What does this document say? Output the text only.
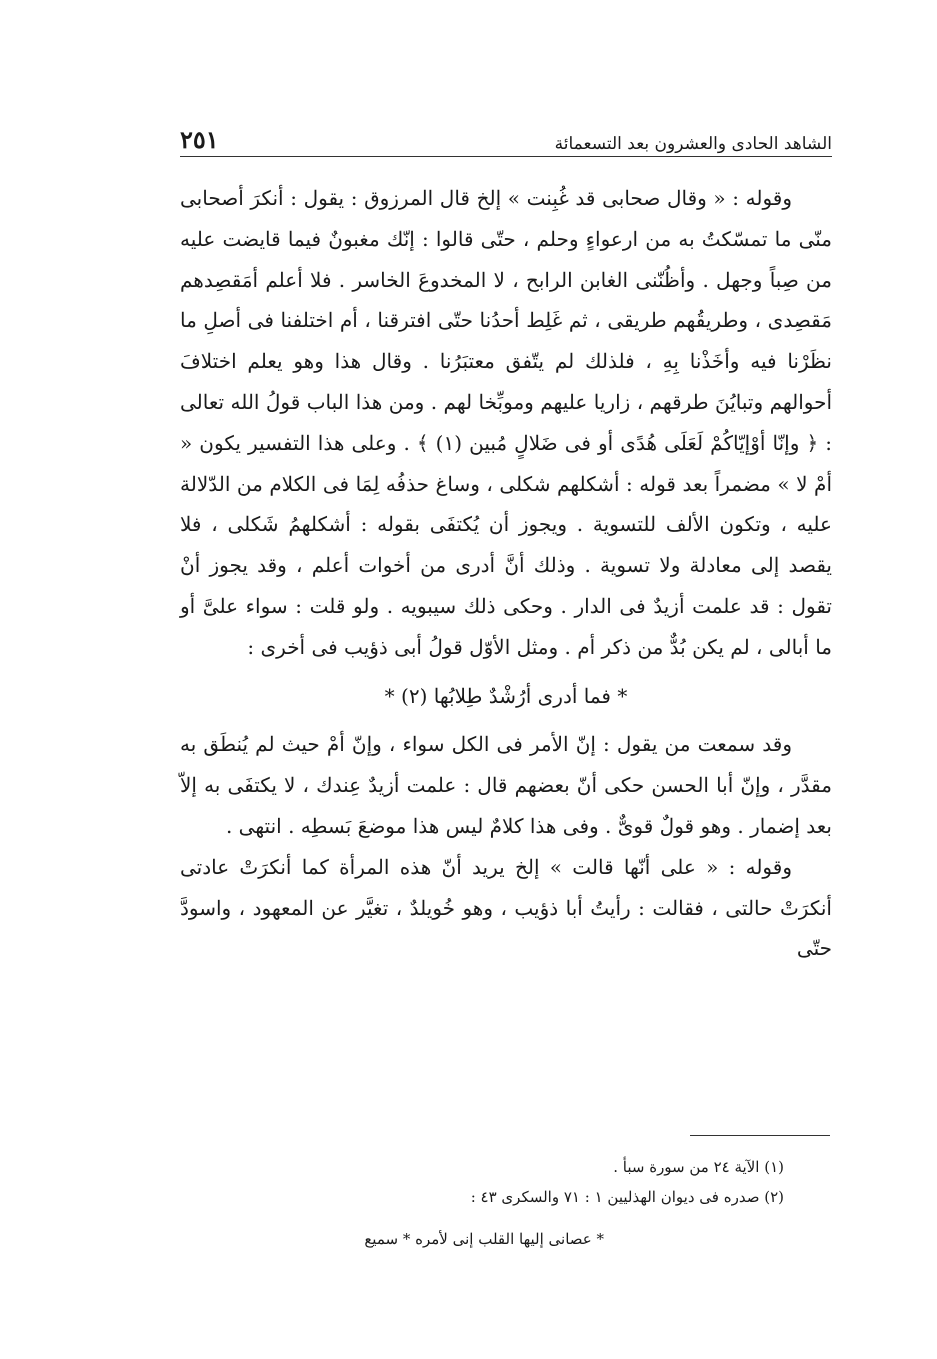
٢٥١	الشاهد الحادى والعشرون بعد التسعمائة

وقوله : « وقال صحابى قد غُبِنت » إلخ قال المرزوق : يقول : أنكرَ أصحابى منّى ما تمسّكتُ به من ارعواءٍ وحلم ، حتّى قالوا : إنّك مغبونٌ فيما قايضت عليه من صِباً وجهل . وأظُنّنى الغابن الرابح ، لا المخدوعَ الخاسر . فلا أعلم أمَقصِدهم مَقصِدى ، وطريقُهم طريقى ، ثم غَلِط أحدُنا حتّى افترقنا ، أم اختلفنا فى أصلِ ما نظَرْنا فيه وأخَذْنا بِهِ ، فلذلك لم يتّفق معتبَرُنا . وقال هذا وهو يعلم اختلافَ أحوالهم وتبايُنَ طرقهم ، زاريا عليهم وموبِّخا لهم . ومن هذا الباب قولُ الله تعالى : ﴿ وإنّا أوْإيّاكُمْ لَعَلَى هُدًى أو فى ضَلالٍ مُبين (١) ﴾ . وعلى هذا التفسير يكون « أمْ لا » مضمراً بعد قوله : أشكلهم شكلى ، وساغ حذفُه لِمَا فى الكلام من الدّلالة عليه ، وتكون الألف للتسوية . ويجوز أن يُكتفَى بقوله : أشكلهمُ شَكلى ، فلا يقصد إلى معادلة ولا تسوية . وذلك أنَّ أدرى من أخوات أعلم ، وقد يجوز أنْ تقول : قد علمت أزيدٌ فى الدار . وحكى ذلك سيبويه . ولو قلت : سواء علىَّ أو ما أبالى ، لم يكن بُدٌّ من ذكر أم . ومثل الأوّل قولُ أبى ذؤيب فى أخرى :

* فما أدرى أرُشْدٌ طِلابُها (٢) *

وقد سمعت من يقول : إنّ الأمر فى الكل سواء ، وإنّ أمْ حيث لم يُنطَق به مقدَّر ، وإنّ أبا الحسن حكى أنّ بعضهم قال : علمت أزيدٌ عِندك ، لا يكتفَى به إلاّ بعد إضمار . وهو قولٌ قوىٌّ . وفى هذا كلامٌ ليس هذا موضعَ بَسطِه . انتهى .

وقوله : « على أنّها قالت » إلخ يريد أنّ هذه المرأة كما أنكرَتْ عادتى أنكرَتْ حالتى ، فقالت : رأيتُ أبا ذؤيب ، وهو خُويلدٌ ، تغيَّر عن المعهود ، واسودَّ حتّى

(١) الآية ٢٤ من سورة سبأ .

(٢) صدره فى ديوان الهذليين ١ : ٧١ والسكرى ٤٣ :

* عصانى إليها القلب إنى لأمره * سميع
